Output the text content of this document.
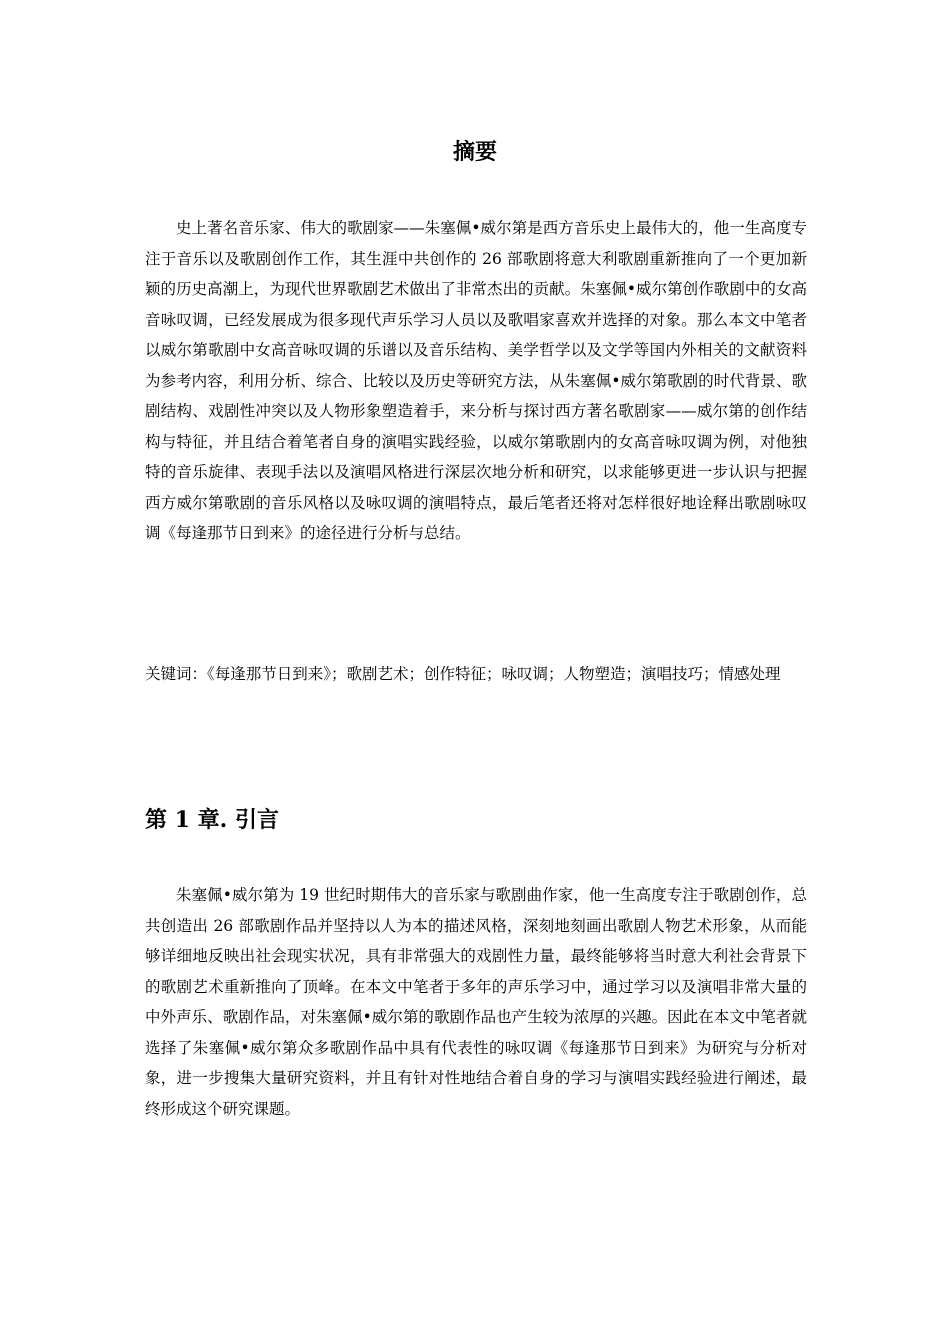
摘要

史上著名音乐家、伟大的歌剧家——朱塞佩•威尔第是西方音乐史上最伟大的，他一生高度专注于音乐以及歌剧创作工作，其生涯中共创作的 26 部歌剧将意大利歌剧重新推向了一个更加新颖的历史高潮上，为现代世界歌剧艺术做出了非常杰出的贡献。朱塞佩•威尔第创作歌剧中的女高音咏叹调，已经发展成为很多现代声乐学习人员以及歌唱家喜欢并选择的对象。那么本文中笔者以威尔第歌剧中女高音咏叹调的乐谱以及音乐结构、美学哲学以及文学等国内外相关的文献资料为参考内容，利用分析、综合、比较以及历史等研究方法，从朱塞佩•威尔第歌剧的时代背景、歌剧结构、戏剧性冲突以及人物形象塑造着手，来分析与探讨西方著名歌剧家——威尔第的创作结构与特征，并且结合着笔者自身的演唱实践经验，以威尔第歌剧内的女高音咏叹调为例，对他独特的音乐旋律、表现手法以及演唱风格进行深层次地分析和研究，以求能够更进一步认识与把握西方威尔第歌剧的音乐风格以及咏叹调的演唱特点，最后笔者还将对怎样很好地诠释出歌剧咏叹调《每逢那节日到来》的途径进行分析与总结。

关键词：《每逢那节日到来》；歌剧艺术；创作特征；咏叹调；人物塑造；演唱技巧；情感处理

第 1 章. 引言

朱塞佩•威尔第为 19 世纪时期伟大的音乐家与歌剧曲作家，他一生高度专注于歌剧创作，总共创造出 26 部歌剧作品并坚持以人为本的描述风格，深刻地刻画出歌剧人物艺术形象，从而能够详细地反映出社会现实状况，具有非常强大的戏剧性力量，最终能够将当时意大利社会背景下的歌剧艺术重新推向了顶峰。在本文中笔者于多年的声乐学习中，通过学习以及演唱非常大量的中外声乐、歌剧作品，对朱塞佩•威尔第的歌剧作品也产生较为浓厚的兴趣。因此在本文中笔者就选择了朱塞佩•威尔第众多歌剧作品中具有代表性的咏叹调《每逢那节日到来》为研究与分析对象，进一步搜集大量研究资料，并且有针对性地结合着自身的学习与演唱实践经验进行阐述，最终形成这个研究课题。
